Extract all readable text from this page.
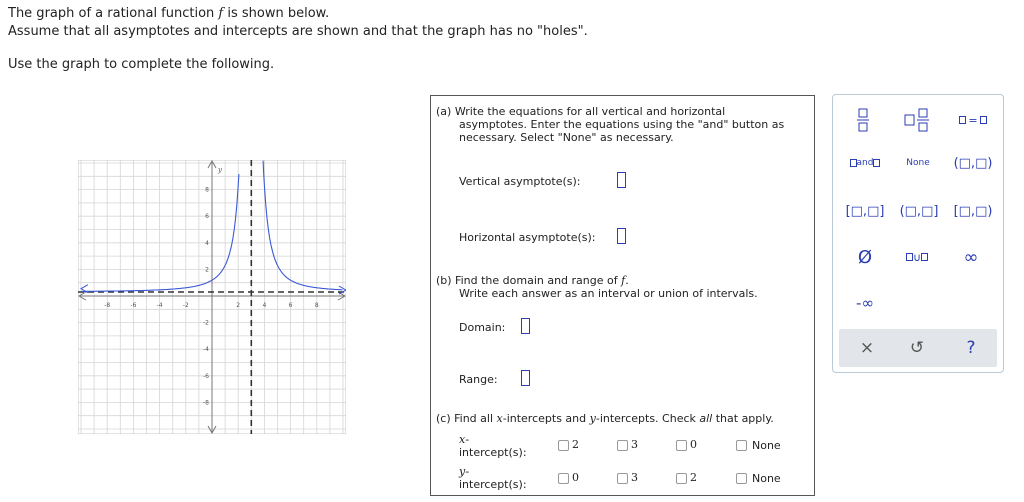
The graph of a rational function f is shown below.
Assume that all asymptotes and intercepts are shown and that the graph has no "holes".
Use the graph to complete the following.
-8	-6	-4	-2	2	4	6	8
8
6
4
2
-2
-4
-6
-8
y
(a) Write the equations for all vertical and horizontal
asymptotes. Enter the equations using the "and" button as
necessary. Select "None" as necessary.
Vertical asymptote(s):
Horizontal asymptote(s):
(b) Find the domain and range of f.
Write each answer as an interval or union of intervals.
Domain:
Range:
(c) Find all x-intercepts and y-intercepts. Check all that apply.
x-
intercept(s):
2	3	0	None
y-
intercept(s):
0	3	2	None
=
and	None	(□,□)
[□,□]	(□,□]	[□,□)
Ø	∪	∞
-∞
×	↺	?
